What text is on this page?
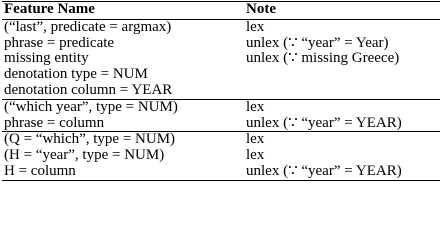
Feature Name	Note

(“last”, predicate = argmax)	lex

phrase = predicate	unlex (∵ “year” = Year)

missing entity	unlex (∵ missing Greece)

denotation type = NUM
denotation column = YEAR	

(“which year”, type = NUM)	lex

phrase = column	unlex (∵ “year” = YEAR)

(Q = “which”, type = NUM)	lex

(H = “year”, type = NUM)	lex

H = column	unlex (∵ “year” = YEAR)
